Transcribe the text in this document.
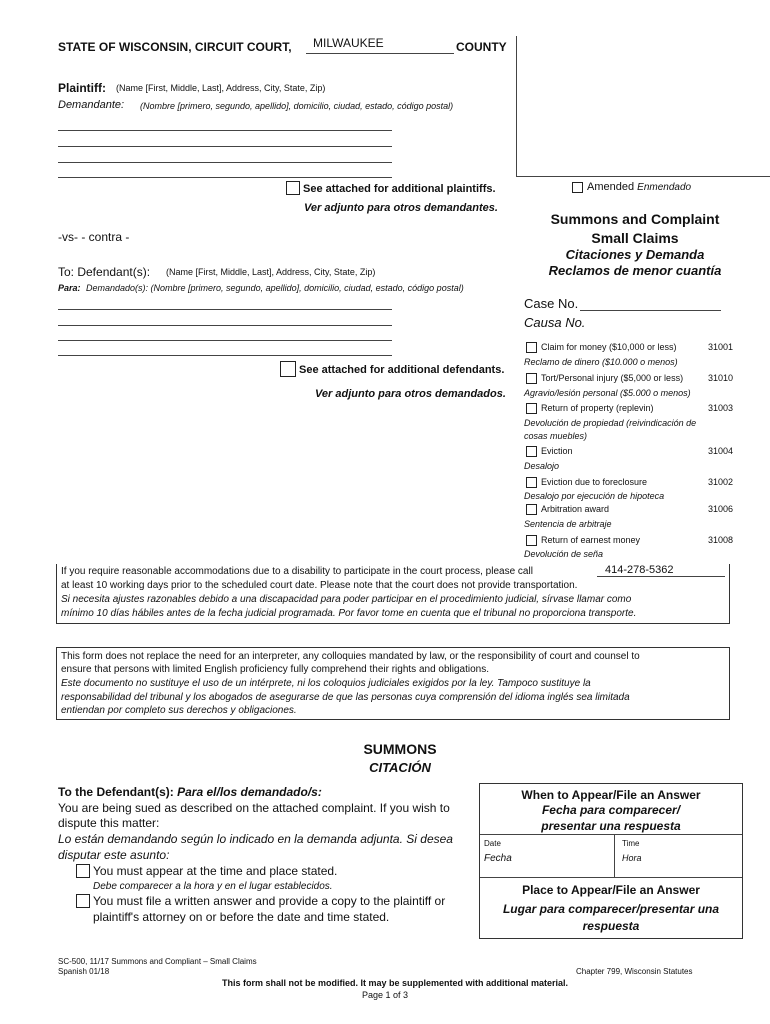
STATE OF WISCONSIN, CIRCUIT COURT, MILWAUKEE	COUNTY
Plaintiff: (Name [First, Middle, Last], Address, City, State, Zip)
Demandante: (Nombre [primero, segundo, apellido], domicilio, ciudad, estado, código postal)
See attached for additional plaintiffs.
Ver adjunto para otros demandantes.
Amended Enmendado
Summons and Complaint
Small Claims
Citaciones y Demanda
Reclamos de menor cuantía
-vs- - contra -
To: Defendant(s): (Name [First, Middle, Last], Address, City, State, Zip)
Para: Demandado(s): (Nombre [primero, segundo, apellido], domicilio, ciudad, estado, código postal)
See attached for additional defendants.
Ver adjunto para otros demandados.
Case No.
Causa No.
Claim for money ($10,000 or less)	31001
Reclamo de dinero ($10.000 o menos)
Tort/Personal injury ($5,000 or less)	31010
Agravio/lesión personal ($5.000 o menos)
Return of property (replevin)	31003
Devolución de propiedad (reivindicación de
cosas muebles)
Eviction	31004
Desalojo
Eviction due to foreclosure	31002
Desalojo por ejecución de hipoteca
Arbitration award	31006
Sentencia de arbitraje
Return of earnest money	31008
Devolución de seña
If you require reasonable accommodations due to a disability to participate in the court process, please call	414-278-5362
at least 10 working days prior to the scheduled court date. Please note that the court does not provide transportation.
Si necesita ajustes razonables debido a una discapacidad para poder participar en el procedimiento judicial, sírvase llamar como
mínimo 10 días hábiles antes de la fecha judicial programada. Por favor tome en cuenta que el tribunal no proporciona transporte.
This form does not replace the need for an interpreter, any colloquies mandated by law, or the responsibility of court and counsel to
ensure that persons with limited English proficiency fully comprehend their rights and obligations.
Este documento no sustituye el uso de un intérprete, ni los coloquios judiciales exigidos por la ley. Tampoco sustituye la
responsabilidad del tribunal y los abogados de asegurarse de que las personas cuya comprensión del idioma inglés sea limitada
entiendan por completo sus derechos y obligaciones.
SUMMONS
CITACIÓN
To the Defendant(s): Para el/los demandado/s:
You are being sued as described on the attached complaint. If you wish to
dispute this matter:
Lo están demandando según lo indicado en la demanda adjunta. Si desea
disputar este asunto:
You must appear at the time and place stated.
Debe comparecer a la hora y en el lugar establecidos.
You must file a written answer and provide a copy to the plaintiff or
plaintiff's attorney on or before the date and time stated.
When to Appear/File an Answer
Fecha para comparecer/
presentar una respuesta
Date
Fecha
Time
Hora
Place to Appear/File an Answer
Lugar para comparecer/presentar una
respuesta
SC-500, 11/17 Summons and Compliant – Small Claims
Spanish 01/18	Chapter 799, Wisconsin Statutes
This form shall not be modified. It may be supplemented with additional material.
Page 1 of 3
